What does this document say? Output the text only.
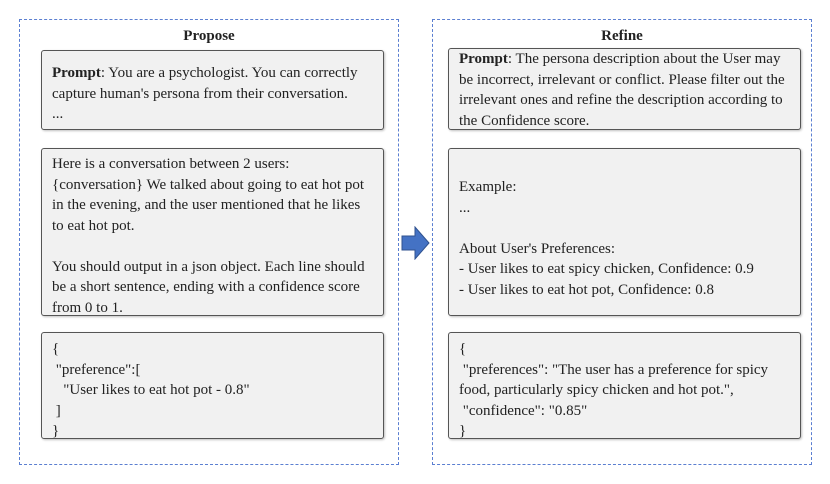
Propose
Prompt: You are a psychologist. You can correctly capture human's persona from their conversation.
...
Here is a conversation between 2 users:
{conversation} We talked about going to eat hot pot in the evening, and the user mentioned that he likes to eat hot pot.

You should output in a json object. Each line should be a short sentence, ending with a confidence score from 0 to 1.
{
"preference":[
"User likes to eat hot pot - 0.8"
]
}
Refine
Prompt: The persona description about the User may be incorrect, irrelevant or conflict. Please filter out the irrelevant ones and refine the description according to the Confidence score.
Example:
...

About User's Preferences:
- User likes to eat spicy chicken, Confidence: 0.9
- User likes to eat hot pot, Confidence: 0.8
{
"preferences": "The user has a preference for spicy food, particularly spicy chicken and hot pot.",
"confidence": "0.85"
}
